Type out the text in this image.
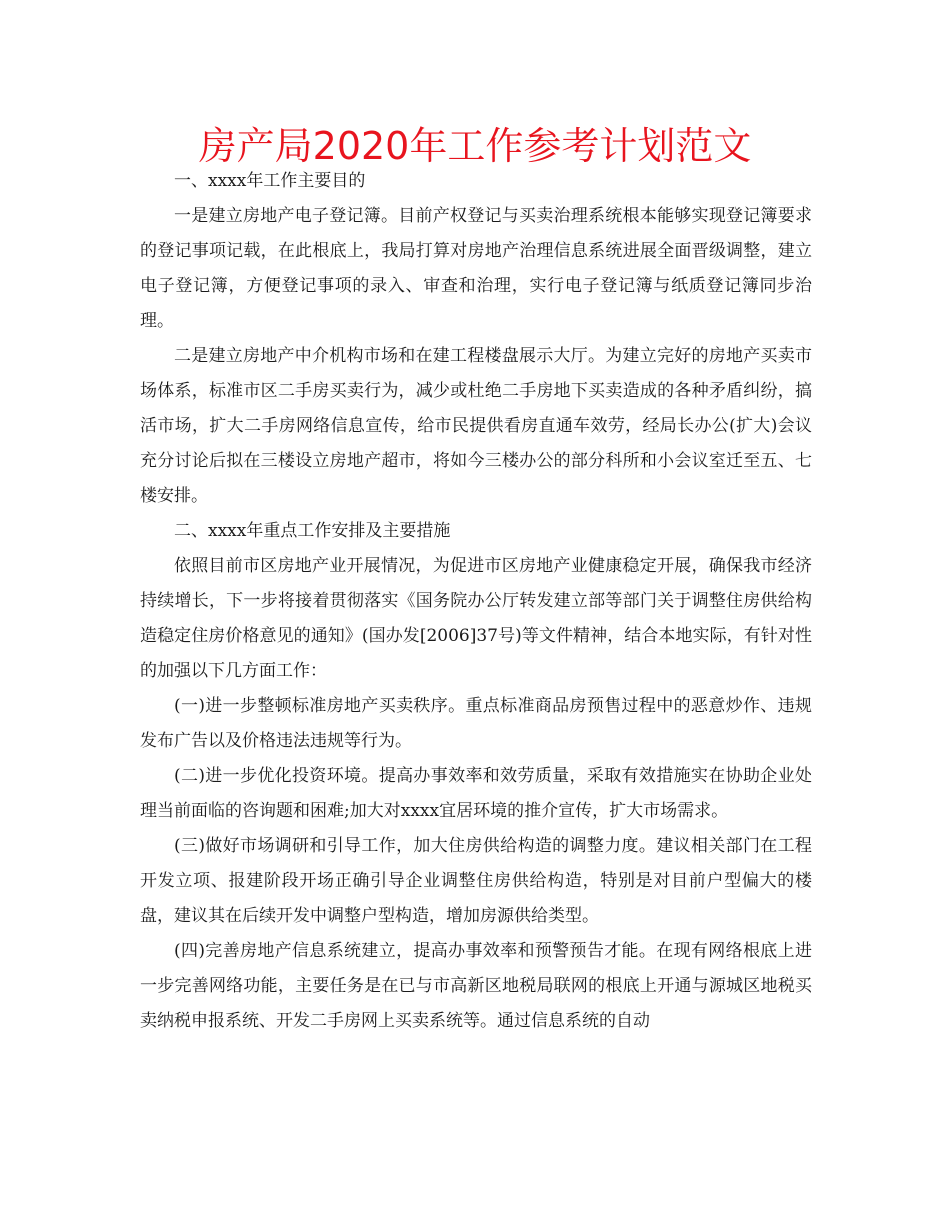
房产局2020年工作参考计划范文

一、xxxx年工作主要目的

一是建立房地产电子登记簿。目前产权登记与买卖治理系统根本能够实现登记簿要求的登记事项记载，在此根底上，我局打算对房地产治理信息系统进展全面晋级调整，建立电子登记簿，方便登记事项的录入、审查和治理，实行电子登记簿与纸质登记簿同步治理。

二是建立房地产中介机构市场和在建工程楼盘展示大厅。为建立完好的房地产买卖市场体系，标准市区二手房买卖行为，减少或杜绝二手房地下买卖造成的各种矛盾纠纷，搞活市场，扩大二手房网络信息宣传，给市民提供看房直通车效劳，经局长办公(扩大)会议充分讨论后拟在三楼设立房地产超市，将如今三楼办公的部分科所和小会议室迁至五、七楼安排。

二、xxxx年重点工作安排及主要措施

依照目前市区房地产业开展情况，为促进市区房地产业健康稳定开展，确保我市经济持续增长，下一步将接着贯彻落实《国务院办公厅转发建立部等部门关于调整住房供给构造稳定住房价格意见的通知》(国办发[2006]37号)等文件精神，结合本地实际，有针对性的加强以下几方面工作：

(一)进一步整顿标准房地产买卖秩序。重点标准商品房预售过程中的恶意炒作、违规发布广告以及价格违法违规等行为。

(二)进一步优化投资环境。提高办事效率和效劳质量，采取有效措施实在协助企业处理当前面临的咨询题和困难;加大对xxxx宜居环境的推介宣传，扩大市场需求。

(三)做好市场调研和引导工作，加大住房供给构造的调整力度。建议相关部门在工程开发立项、报建阶段开场正确引导企业调整住房供给构造，特别是对目前户型偏大的楼盘，建议其在后续开发中调整户型构造，增加房源供给类型。

(四)完善房地产信息系统建立，提高办事效率和预警预告才能。在现有网络根底上进一步完善网络功能，主要任务是在已与市高新区地税局联网的根底上开通与源城区地税买卖纳税申报系统、开发二手房网上买卖系统等。通过信息系统的自动
